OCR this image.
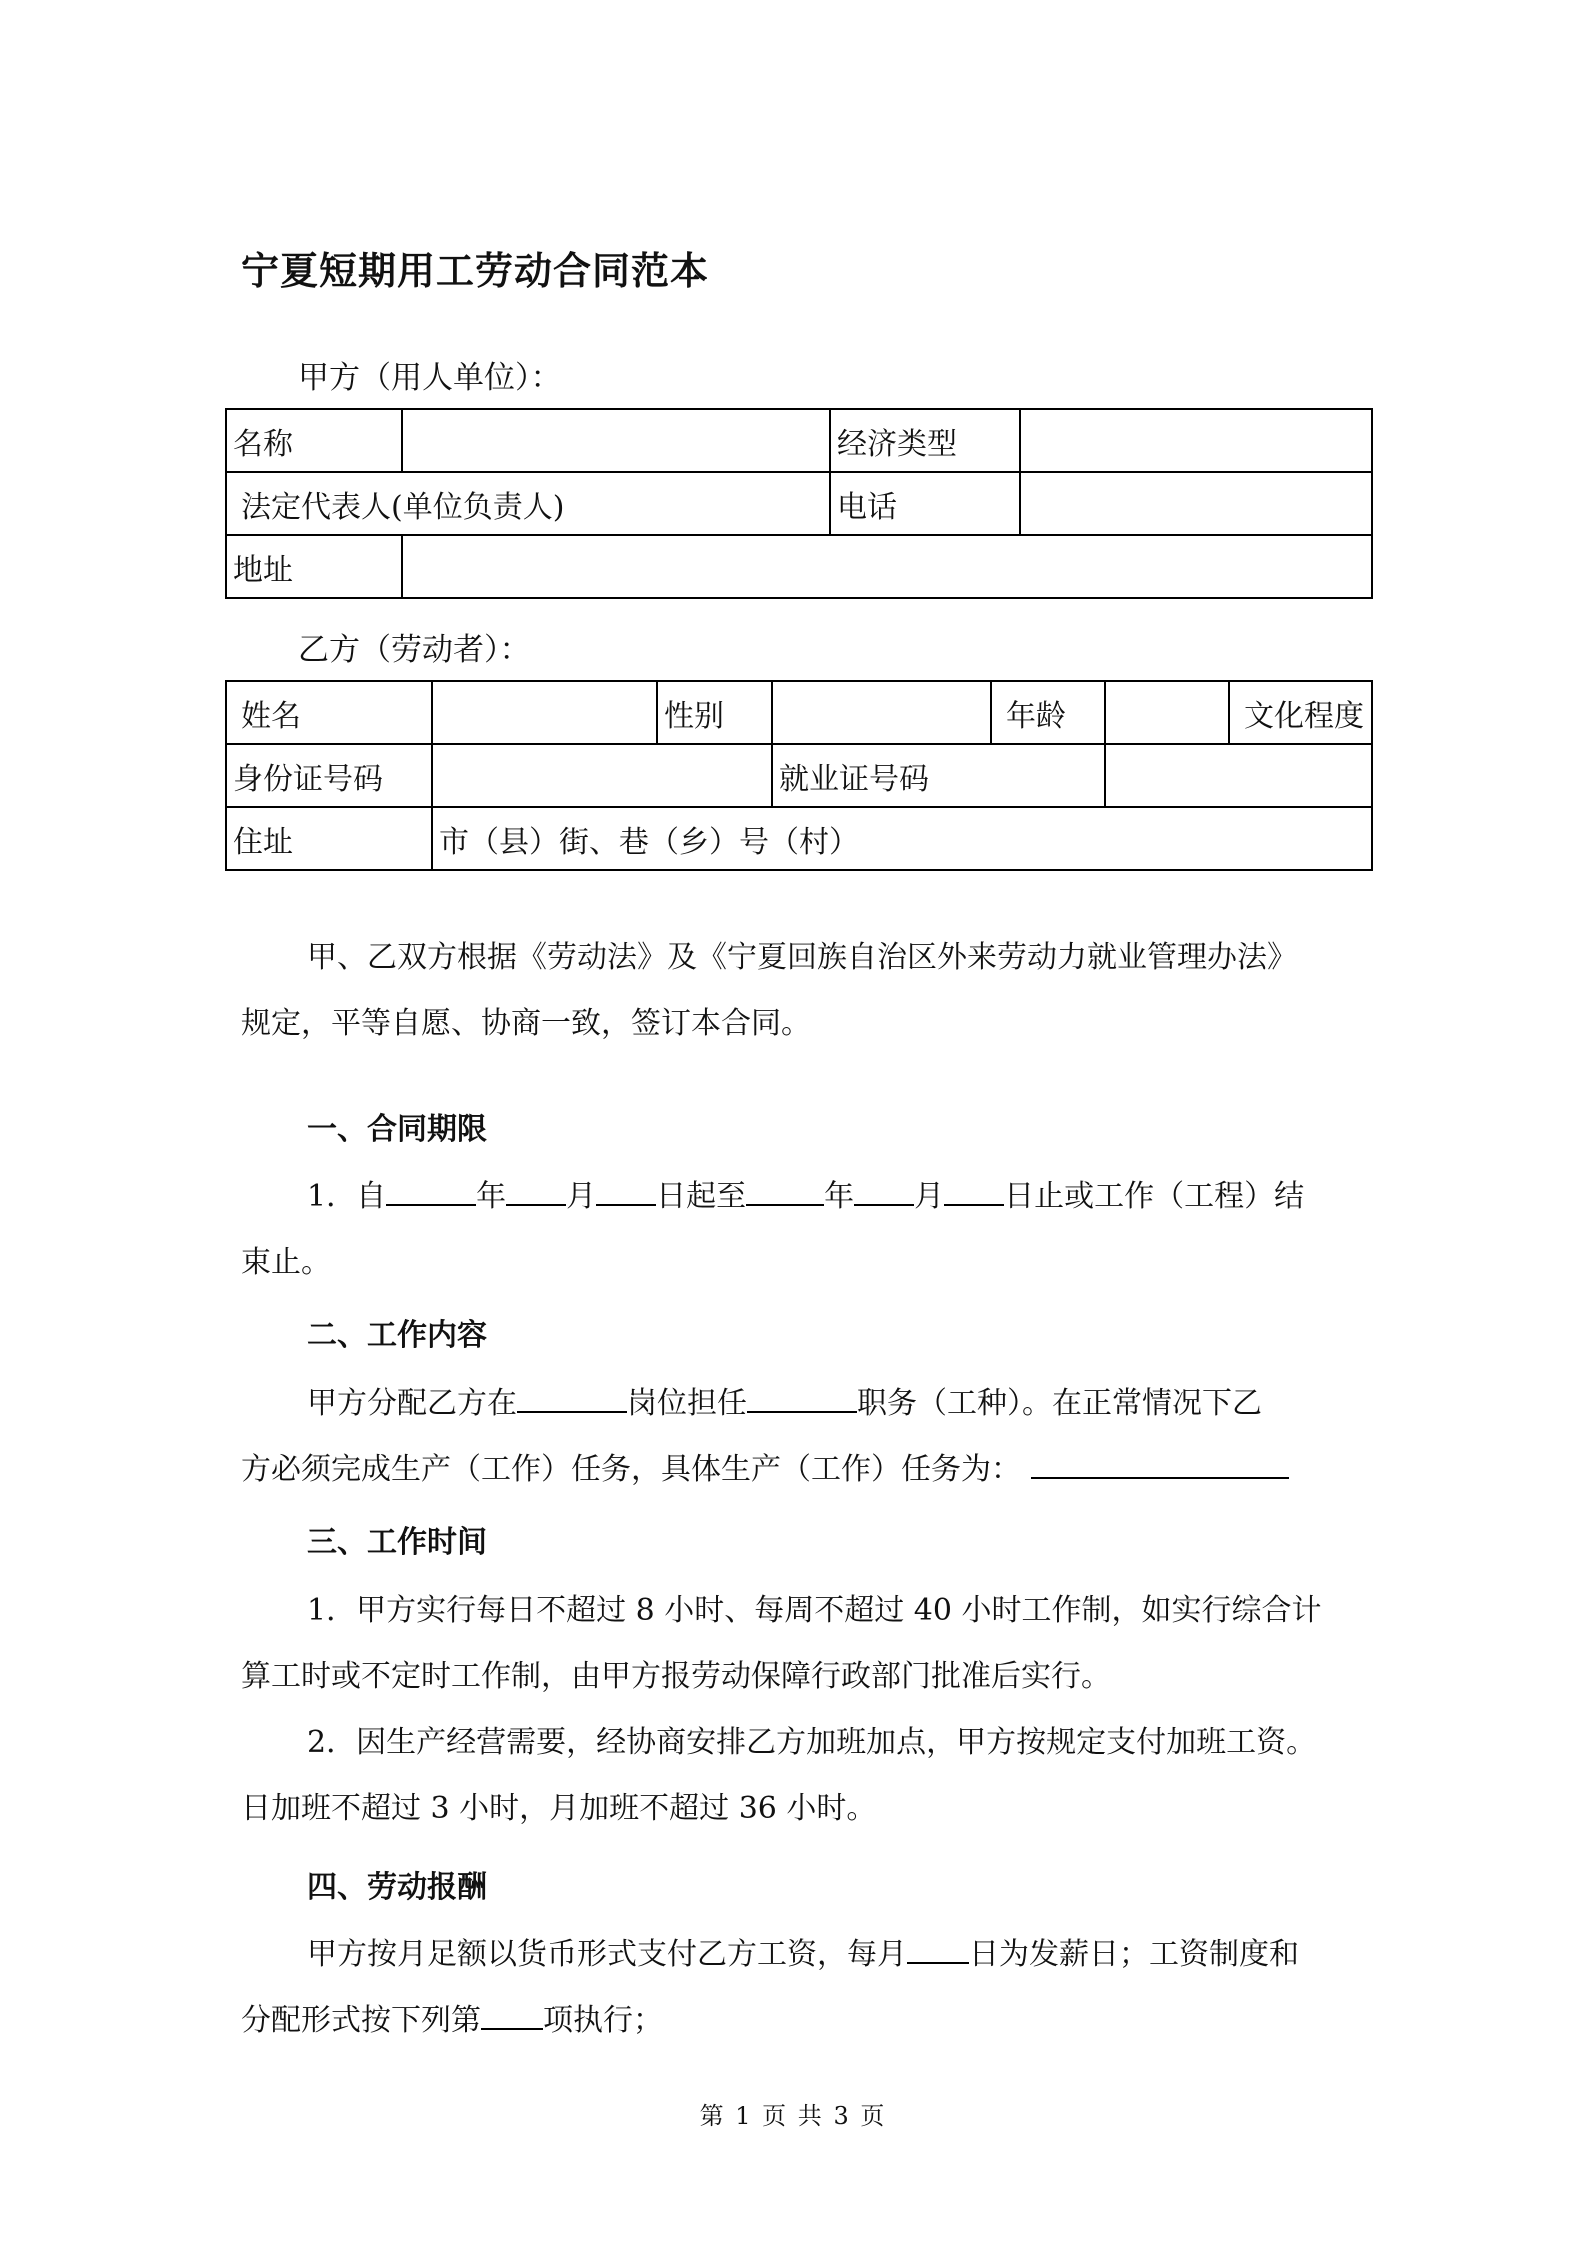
宁夏短期用工劳动合同范本
甲方（用人单位）：
名称		经济类型	
法定代表人(单位负责人)		电话	
地址			
乙方（劳动者）：
姓名		性别		年龄		文化程度
身份证号码			就业证号码			
住址	市（县）街、巷（乡）号（村）					
甲、乙双方根据《劳动法》及《宁夏回族自治区外来劳动力就业管理办法》
规定，平等自愿、协商一致，签订本合同。
一、合同期限
1．自	年 月 日起至	年 月 日止或工作（工程）结
束止。
二、工作内容
甲方分配乙方在	岗位担任	职务（工种）。在正常情况下乙
方必须完成生产（工作）任务，具体生产（工作）任务为：
三、工作时间
1．甲方实行每日不超过 8 小时、每周不超过 40 小时工作制，如实行综合计
算工时或不定时工作制，由甲方报劳动保障行政部门批准后实行。
2．因生产经营需要，经协商安排乙方加班加点，甲方按规定支付加班工资。
日加班不超过 3 小时，月加班不超过 36 小时。
四、劳动报酬
甲方按月足额以货币形式支付乙方工资，每月 日为发薪日；工资制度和
分配形式按下列第 项执行；
第 1 页 共 3 页
